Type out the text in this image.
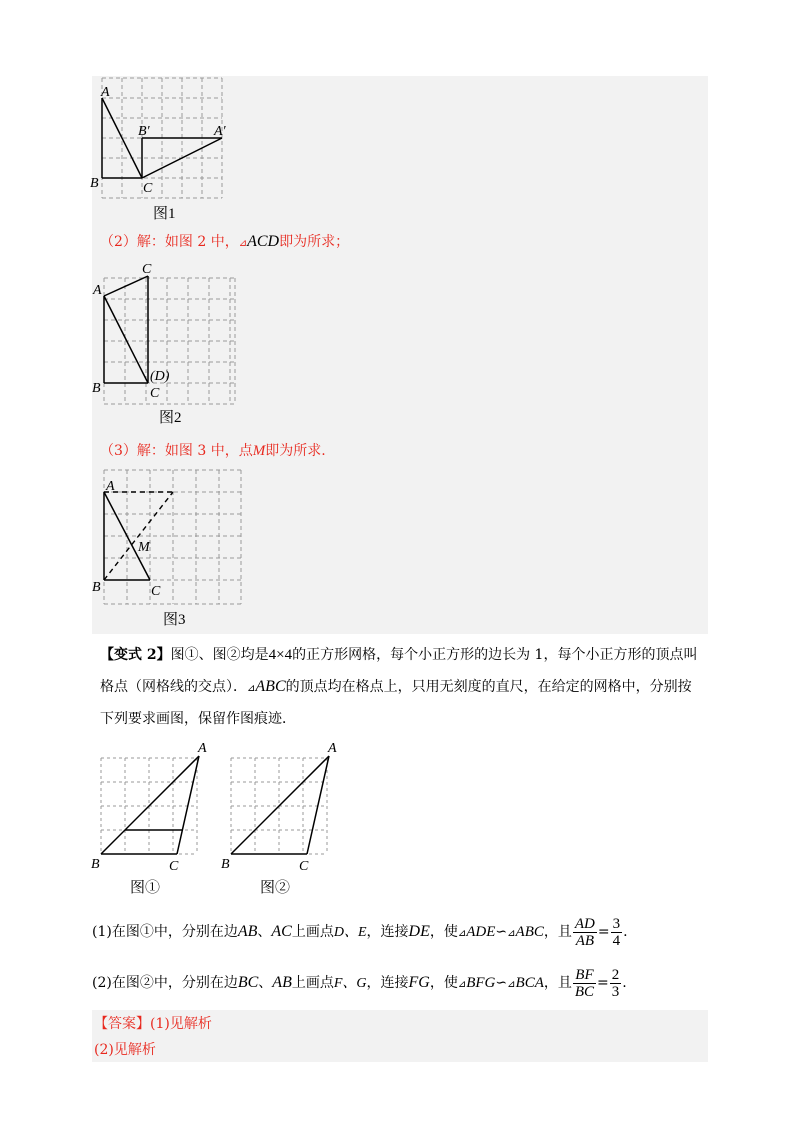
A
B	C
B′	A′
图1
（2）解：如图 2 中，⊿ACD即为所求；
A
B
C
(D)
C
图2
（3）解：如图 3 中，点M即为所求.
A
B	C
M
图3
【变式 2】图①、图②均是4×4的正方形网格，每个小正方形的边长为 1，每个小正方形的顶点叫
格点（网格线的交点）．⊿ABC的顶点均在格点上，只用无刻度的直尺，在给定的网格中，分别按
下列要求画图，保留作图痕迹．
A
B	C
图①
A
B	C
图②
(1)在图①中，分别在边AB、AC上画点D、E，连接DE，使⊿ADE∽⊿ABC，且 $\frac{AD}{AB} = \frac{3}{4}$ .
(2)在图②中，分别在边BC、AB上画点F、G，连接FG，使⊿BFG∽⊿BCA，且 $\frac{BF}{BC} = \frac{2}{3}$ .
【答案】(1)见解析
(2)见解析
